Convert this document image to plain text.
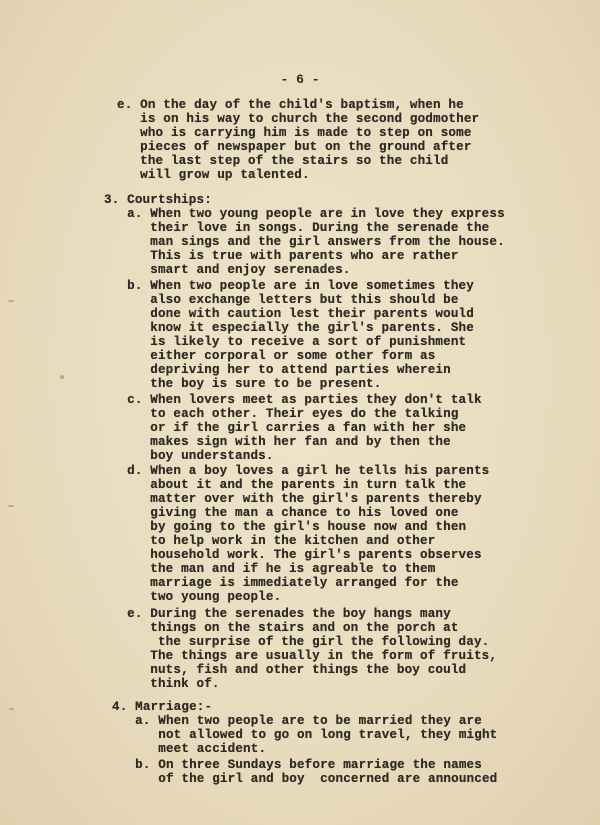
- 6 -
e. On the day of the child's baptism, when he
is on his way to church the second godmother
who is carrying him is made to step on some
pieces of newspaper but on the ground after
the last step of the stairs so the child
will grow up talented.
3. Courtships:
a. When two young people are in love they express
their love in songs. During the serenade the
man sings and the girl answers from the house.
This is true with parents who are rather
smart and enjoy serenades.
b. When two people are in love sometimes they
also exchange letters but this should be
done with caution lest their parents would
know it especially the girl's parents. She
is likely to receive a sort of punishment
either corporal or some other form as
depriving her to attend parties wherein
the boy is sure to be present.
c. When lovers meet as parties they don't talk
to each other. Their eyes do the talking
or if the girl carries a fan with her she
makes sign with her fan and by then the
boy understands.
d. When a boy loves a girl he tells his parents
about it and the parents in turn talk the
matter over with the girl's parents thereby
giving the man a chance to his loved one
by going to the girl's house now and then
to help work in the kitchen and other
household work. The girl's parents observes
the man and if he is agreable to them
marriage is immediately arranged for the
two young people.
e. During the serenades the boy hangs many
things on the stairs and on the porch at
the surprise of the girl the following day.
The things are usually in the form of fruits,
nuts, fish and other things the boy could
think of.
4. Marriage:-
a. When two people are to be married they are
not allowed to go on long travel, they might
meet accident.
b. On three Sundays before marriage the names
of the girl and boy  concerned are announced
